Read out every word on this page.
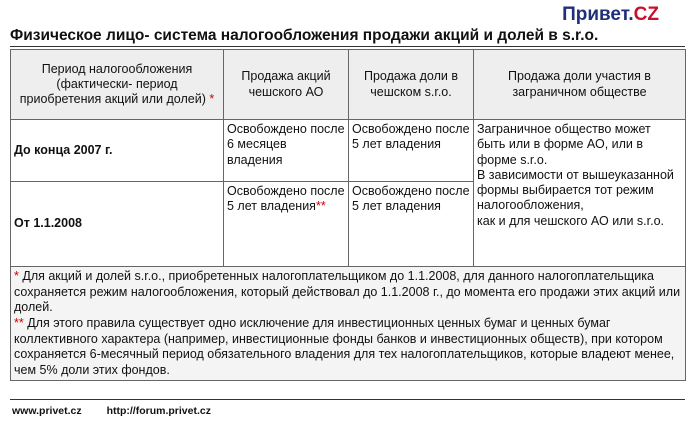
Привет.CZ
Физическое лицо- система налогообложения продажи акций и долей в s.r.o.
Период налогообложения (фактически- период приобретения акций или долей) *	Продажа акций чешского АО	Продажа доли в чешском s.r.o.	Продажа доли участия в заграничном обществе
До конца 2007 г.	Освобождено после 6 месяцев владения	Освобождено после 5 лет владения	Заграничное общество может быть или в форме АО, или в форме s.r.o.
В зависимости от вышеуказанной формы выбирается тот режим налогообложения,
как и для чешского АО или s.r.o.

От 1.1.2008	Освобождено после 5 лет владения**	Освобождено после 5 лет владения	

* Для акций и долей s.r.o., приобретенных налогоплательщиком до 1.1.2008, для данного налогоплательщика сохраняется режим налогообложения, который действовал до 1.1.2008 г., до момента его продажи этих акций или долей.
** Для этого правила существует одно исключение для инвестиционных ценных бумаг и ценных бумаг коллективного характера (например, инвестиционные фонды банков и инвестиционных обществ), при котором сохраняется 6-месячный период обязательного владения для тех налогоплательщиков, которые владеют менее, чем 5% доли этих фондов.			
www.privet.cz http://forum.privet.cz
